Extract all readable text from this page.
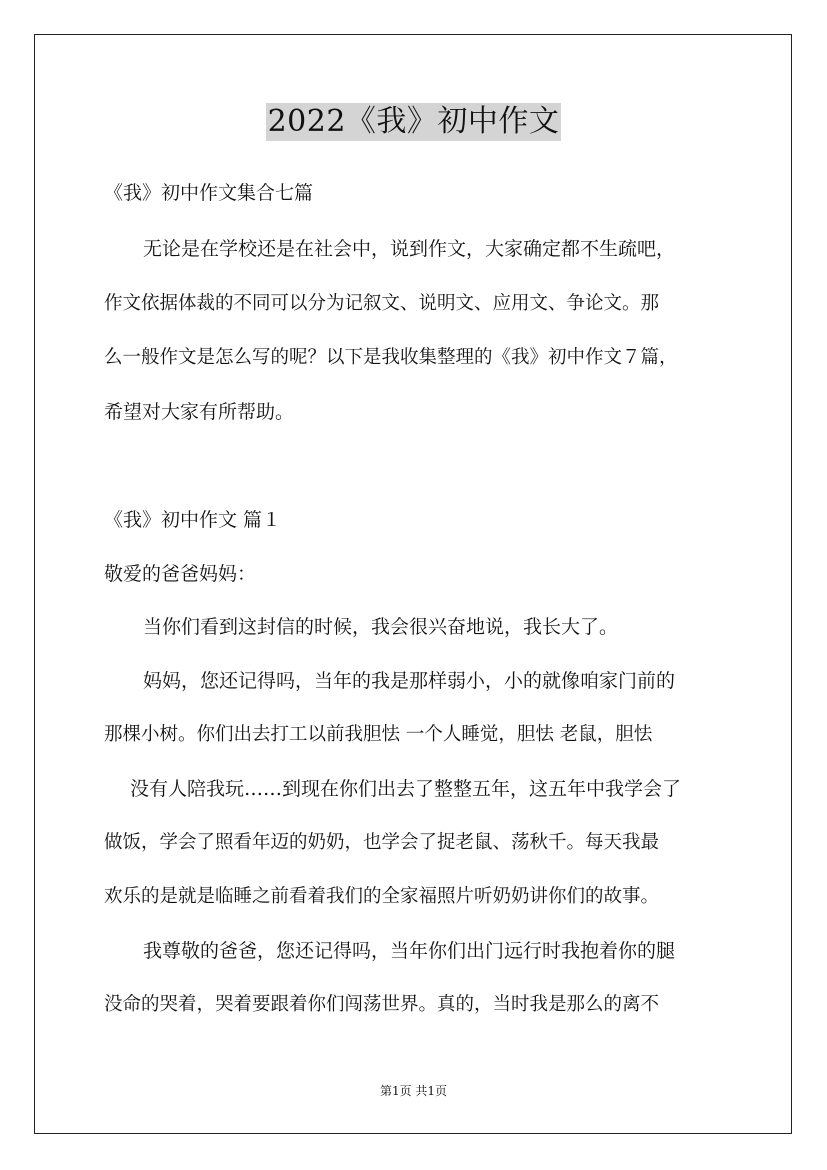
2022《我》初中作文
《我》初中作文集合七篇
无论是在学校还是在社会中，说到作文，大家确定都不生疏吧，
作文依据体裁的不同可以分为记叙文、说明文、应用文、争论文。那
么一般作文是怎么写的呢？以下是我收集整理的《我》初中作文７篇，
希望对大家有所帮助。
《我》初中作文 篇１
敬爱的爸爸妈妈：
当你们看到这封信的时候，我会很兴奋地说，我长大了。
妈妈，您还记得吗，当年的我是那样弱小，小的就像咱家门前的
那棵小树。你们出去打工以前我胆怯 一个人睡觉，胆怯 老鼠，胆怯
没有人陪我玩……到现在你们出去了整整五年，这五年中我学会了
做饭，学会了照看年迈的奶奶，也学会了捉老鼠、荡秋千。每天我最
欢乐的是就是临睡之前看着我们的全家福照片听奶奶讲你们的故事。
我尊敬的爸爸，您还记得吗，当年你们出门远行时我抱着你的腿
没命的哭着，哭着要跟着你们闯荡世界。真的，当时我是那么的离不
第1页 共1页
